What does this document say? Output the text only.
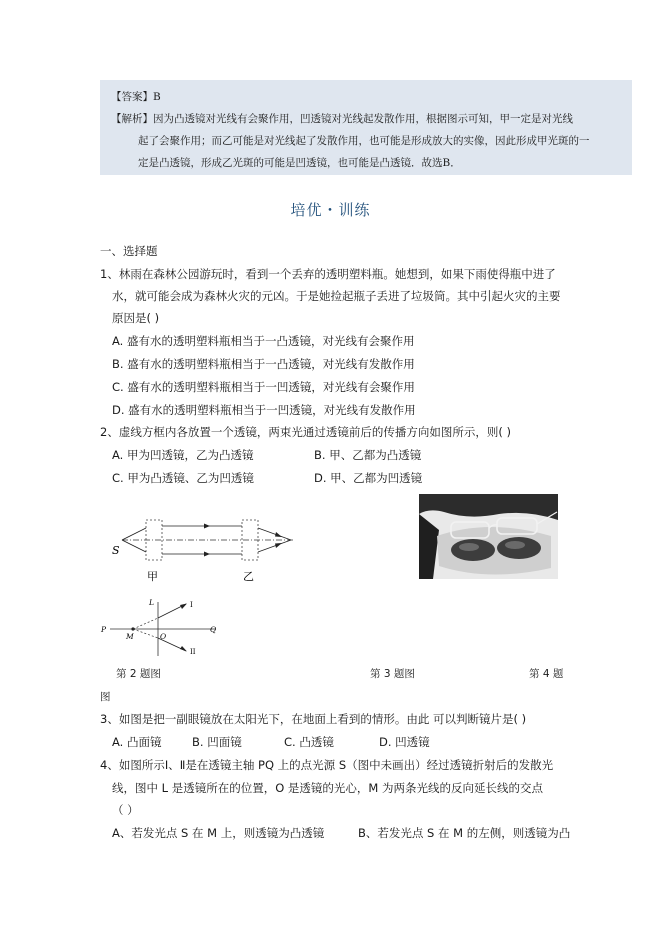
【答案】B
【解析】因为凸透镜对光线有会聚作用，凹透镜对光线起发散作用，根据图示可知，甲一定是对光线
起了会聚作用；而乙可能是对光线起了发散作用，也可能是形成放大的实像，因此形成甲光斑的一
定是凸透镜，形成乙光斑的可能是凹透镜，也可能是凸透镜．故选B．
培优・训练
一、选择题
1、林雨在森林公园游玩时，看到一个丢弃的透明塑料瓶。她想到，如果下雨使得瓶中进了
水，就可能会成为森林火灾的元凶。于是她捡起瓶子丢进了垃圾筒。其中引起火灾的主要
原因是( )
A. 盛有水的透明塑料瓶相当于一凸透镜，对光线有会聚作用
B. 盛有水的透明塑料瓶相当于一凸透镜，对光线有发散作用
C. 盛有水的透明塑料瓶相当于一凹透镜，对光线有会聚作用
D. 盛有水的透明塑料瓶相当于一凹透镜，对光线有发散作用
2、虚线方框内各放置一个透镜，两束光通过透镜前后的传播方向如图所示，则( )
A. 甲为凹透镜，乙为凸透镜	B. 甲、乙都为凸透镜
C. 甲为凸透镜、乙为凹透镜	D. 甲、乙都为凹透镜
S
甲	乙
P	Q
L
M	O
I
II
第 2 题图	第 3 题图	第 4 题
图
3、如图是把一副眼镜放在太阳光下，在地面上看到的情形。由此 可以判断镜片是( )
A. 凸面镜	B. 凹面镜	C. 凸透镜	D. 凹透镜
4、如图所示Ⅰ、Ⅱ是在透镜主轴 PQ 上的点光源 S（图中未画出）经过透镜折射后的发散光
线，图中 L 是透镜所在的位置，O 是透镜的光心，M 为两条光线的反向延长线的交点
（ ）
A、若发光点 S 在 M 上，则透镜为凸透镜	B、若发光点 S 在 M 的左侧，则透镜为凸
